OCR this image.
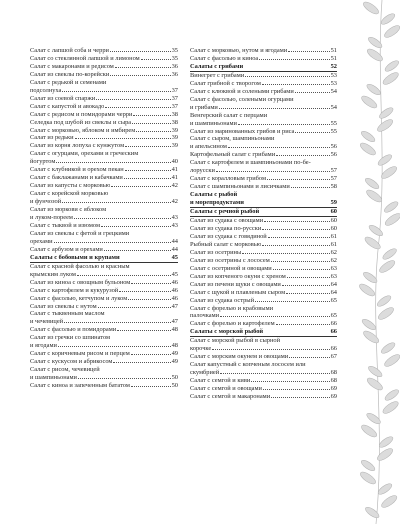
Салат с лапшой соба и черри	35
Салат со стеклянной лапшой и лимоном	35
Салат с макаронами и редисом	36
Салат из свеклы по-корейски	36
Салат с редькой и семенами
подсолнуха	37
Салат из соевой спаржи	37
Салат с капустой и авокадо	37
Салат с редисом и помидорами черри	38
Селедка под шубой из свеклы и сыра	38
Салат с морковью, яблоком и имбирем	39
Салат из редьки	39
Салат из корня лопуха с кунжутом	39
Салат с огурцами, орехами и греческим
йогуртом	40
Салат с клубникой и орехом пекан	41
Салат с баклажанами и кабачками	41
Салат из капусты с морковью	42
Салат с корейской морковью
и фунчозой	42
Салат из моркови с яблоком
и луком-пореем	43
Салат с тыквой и изюмом	43
Салат из свеклы с фетой и грецкими
орехами	44
Салат с арбузом и орехами	44
Салаты с бобовыми и крупами	45
Салат с красной фасолью и красным
крымским луком	45
Салат из киноа с овощным бульоном	46
Салат с картофелем и кукурузой	46
Салат с фасолью, кетчупом и луком	46
Салат из свеклы с нутом	47
Салат с тыквенным маслом
и чечевицей	47
Салат с фасолью и помидорами	48
Салат из гречки со шпинатом
и ягодами	48
Салат с коричневым рисом и перцем	49
Салат с кускусом и абрикосом	49
Салат с рисом, чечевицей
и шампиньонами	50
Салат с киноа и запеченным бататом	50
Салат с морковью, нутом и ягодами	51
Салат с фасолью и киноа	51
Салаты с грибами	52
Винегрет с грибами	53
Салат грибной с творогом	53
Салат с клюквой и солеными грибами	54
Салат с фасолью, солеными огурцами
и грибами	54
Венгерский салат с перцами
и шампиньонами	55
Салат из маринованных грибов и риса	55
Салат с сыром, шампиньонами
и апельсином	56
Картофельный салат с грибами	56
Салат с картофелем и шампиньонами по-бе-
лорусски	57
Салат с коралловым грибом	57
Салат с шампиньонами и лисичками	58
Салаты с рыбой
и морепродуктами	59
Салаты с речной рыбой	60
Салат из судака с овощами	60
Салат из судака по-русски	60
Салат из судака с говядиной	61
Рыбный салат с морковью	61
Салат из осетрины	62
Салат из осетрины с лососем	62
Салат с осетриной и овощами	63
Салат из копченого окуня с хреном	63
Салат из печени щуки с овощами	64
Салат с щукой и плавленым сыром	64
Салат из судака острый	65
Салат с форелью и крабовыми
палочками	65
Салат с форелью и картофелем	66
Салаты с морской рыбой	66
Салат с морской рыбой в сырной
корочке	66
Салат с морским окунем и овощами	67
Салат капустный с копченым лососем или
скумбрией	68
Салат с семгой и киви	68
Салат с семгой и овощами	69
Салат с семгой и макаронами	69
